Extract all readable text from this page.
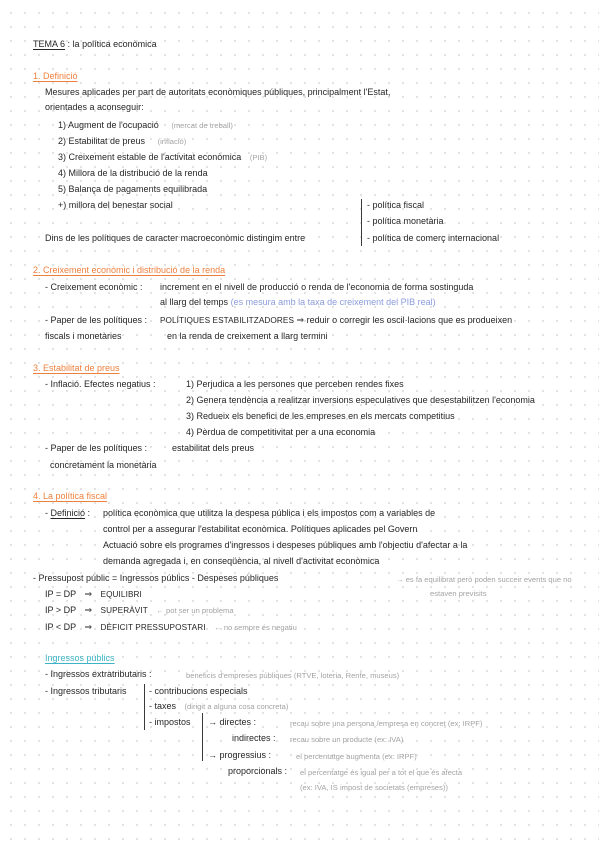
TEMA 6 : la política econòmica
1. Definició
Mesures aplicades per part de autoritats econòmiques públiques, principalment l'Estat,
orientades a aconseguir:
1) Augment de l'ocupació (mercat de treball)
2) Estabilitat de preus (inflació)
3) Creixement estable de l'activitat econòmica (PIB)
4) Millora de la distribució de la renda
5) Balança de pagaments equilibrada
+) millora del benestar social	- política fiscal
- política monetària
- política de comerç internacional
Dins de les polítiques de caracter macroeconòmic distingim entre
2. Creixement econòmic i distribució de la renda
- Creixement econòmic : increment en el nivell de producció o renda de l'economia de forma sostinguda
al llarg del temps (es mesura amb la taxa de creixement del PIB real)
- Paper de les polítiques : POLÍTIQUES ESTABILITZADORES ⇒ reduir o corregir les oscil·lacions que es produeixen
fiscals i monetàries	en la renda de creixement a llarg termini
3. Estabilitat de preus
- Inflació. Efectes negatius :	1) Perjudica a les persones que perceben rendes fixes
2) Genera tendència a realitzar inversions especulatives que desestabilitzen l'economia
3) Redueix els benefici de les empreses en els mercats competitius
4) Pèrdua de competitivitat per a una economia
- Paper de les polítiques :	estabilitat dels preus
concretament la monetària
4. La política fiscal
- Definició : política econòmica que utilitza la despesa pública i els impostos com a variables de
control per a assegurar l'estabilitat econòmica. Polítiques aplicades pel Govern
Actuació sobre els programes d'ingressos i despeses públiques amb l'objectiu d'afectar a la
demanda agregada i, en conseqüència, al nivell d'activitat econòmica
- Pressupost públic = Ingressos públics - Despeses públiques	→ es fa equilibrat però poden succeir events que no
estaven previsits
IP = DP ⇒ EQUILIBRI
IP > DP ⇒ SUPERÀVIT ← pot ser un problema
IP < DP ⇒ DÈFICIT PRESSUPOSTARI ← no sempre és negatiu
Ingressos públics
- Ingressos extratributaris :	beneficis d'empreses públiques (RTVE, loteria, Renfe, museus)
- Ingressos tributaris - contribucions especials
- taxes (dirigit a alguna cosa concreta)
- impostos → directes :	recau sobre una persona /empresa en concret (ex: IRPF)
indirectes : recau sobre un producte (ex: IVA)
→ progressius :	el percentatge augmenta (ex: IRPF)
proporcionals : el percentatge és igual per a tot el que és afecta
(ex: IVA, IS impost de societats (empreses))
